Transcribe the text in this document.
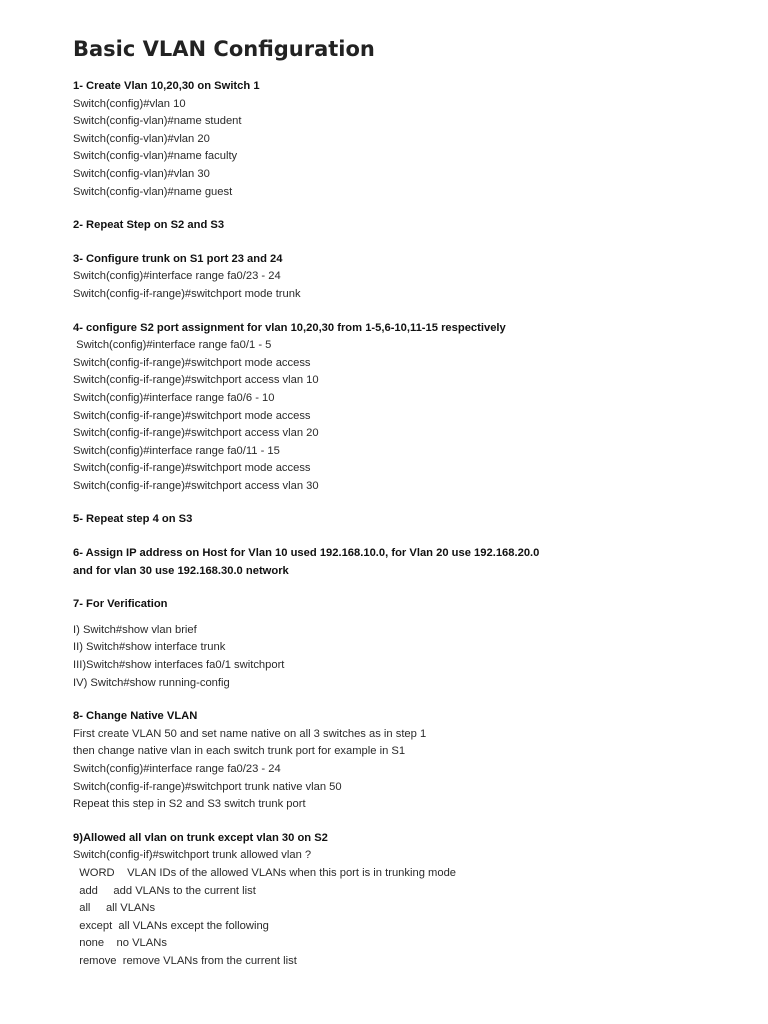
Basic VLAN Configuration
1- Create Vlan 10,20,30 on Switch 1
Switch(config)#vlan 10
Switch(config-vlan)#name student
Switch(config-vlan)#vlan 20
Switch(config-vlan)#name faculty
Switch(config-vlan)#vlan 30
Switch(config-vlan)#name guest
2- Repeat Step on S2 and S3
3- Configure trunk on S1 port 23 and 24
Switch(config)#interface range fa0/23 - 24
Switch(config-if-range)#switchport mode trunk
4- configure S2 port assignment for vlan 10,20,30 from 1-5,6-10,11-15 respectively
Switch(config)#interface range fa0/1 - 5
Switch(config-if-range)#switchport mode access
Switch(config-if-range)#switchport access vlan 10
Switch(config)#interface range fa0/6 - 10
Switch(config-if-range)#switchport mode access
Switch(config-if-range)#switchport access vlan 20
Switch(config)#interface range fa0/11 - 15
Switch(config-if-range)#switchport mode access
Switch(config-if-range)#switchport access vlan 30
5- Repeat step 4 on S3
6- Assign IP address on Host for Vlan 10 used 192.168.10.0, for Vlan 20 use 192.168.20.0
and for vlan 30 use 192.168.30.0 network
7- For Verification
I) Switch#show vlan brief
II) Switch#show interface trunk
III)Switch#show interfaces fa0/1 switchport
IV) Switch#show running-config
8- Change Native VLAN
First create VLAN 50 and set name native on all 3 switches as in step 1
then change native vlan in each switch trunk port for example in S1
Switch(config)#interface range fa0/23 - 24
Switch(config-if-range)#switchport trunk native vlan 50
Repeat this step in S2 and S3 switch trunk port
9)Allowed all vlan on trunk except vlan 30 on S2
Switch(config-if)#switchport trunk allowed vlan ?
WORD    VLAN IDs of the allowed VLANs when this port is in trunking mode
add     add VLANs to the current list
all     all VLANs
except  all VLANs except the following
none    no VLANs
remove  remove VLANs from the current list
